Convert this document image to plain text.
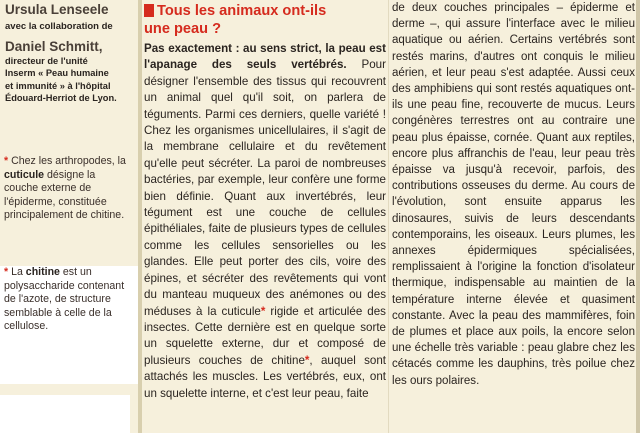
Ursula Lenseele
avec la collaboration de
Daniel Schmitt,
directeur de l'unité
Inserm « Peau humaine
et immunité » à l'hôpital
Édouard-Herriot de Lyon.
* Chez les arthropodes, la cuticule désigne la couche externe de l'épiderme, constituée principalement de chitine.
* La chitine est un polysaccharide contenant de l'azote, de structure semblable à celle de la cellulose.
Tous les animaux ont-ils
une peau ?
Pas exactement : au sens strict, la peau est l'apanage des seuls vertébrés. Pour désigner l'ensemble des tissus qui recouvrent un animal quel qu'il soit, on parlera de téguments. Parmi ces derniers, quelle variété ! Chez les organismes unicellulaires, il s'agit de la membrane cellulaire et du revêtement qu'elle peut sécréter. La paroi de nombreuses bactéries, par exemple, leur confère une forme bien définie. Quant aux invertébrés, leur tégument est une couche de cellules épithéliales, faite de plusieurs types de cellules comme les cellules sensorielles ou les glandes. Elle peut porter des cils, voire des épines, et sécréter des revêtements qui vont du manteau muqueux des anémones ou des méduses à la cuticule* rigide et articulée des insectes. Cette dernière est en quelque sorte un squelette externe, dur et composé de plusieurs couches de chitine*, auquel sont attachés les muscles. Les vertébrés, eux, ont un squelette interne, et c'est leur peau, faite

de deux couches principales – épiderme et derme –, qui assure l'interface avec le milieu aquatique ou aérien. Certains vertébrés sont restés marins, d'autres ont conquis le milieu aérien, et leur peau s'est adaptée. Aussi ceux des amphibiens qui sont restés aquatiques ont-ils une peau fine, recouverte de mucus. Leurs congénères terrestres ont au contraire une peau plus épaisse, cornée. Quant aux reptiles, encore plus affranchis de l'eau, leur peau très épaisse va jusqu'à recevoir, parfois, des contributions osseuses du derme. Au cours de l'évolution, sont ensuite apparus les dinosaures, suivis de leurs descendants contemporains, les oiseaux. Leurs plumes, les annexes épidermiques spécialisées, remplissaient à l'origine la fonction d'isolateur thermique, indispensable au maintien de la température interne élevée et quasiment constante. Avec la peau des mammifères, foin de plumes et place aux poils, la encore selon une échelle très variable : peau glabre chez les cétacés comme les dauphins, très poilue chez les ours polaires.
